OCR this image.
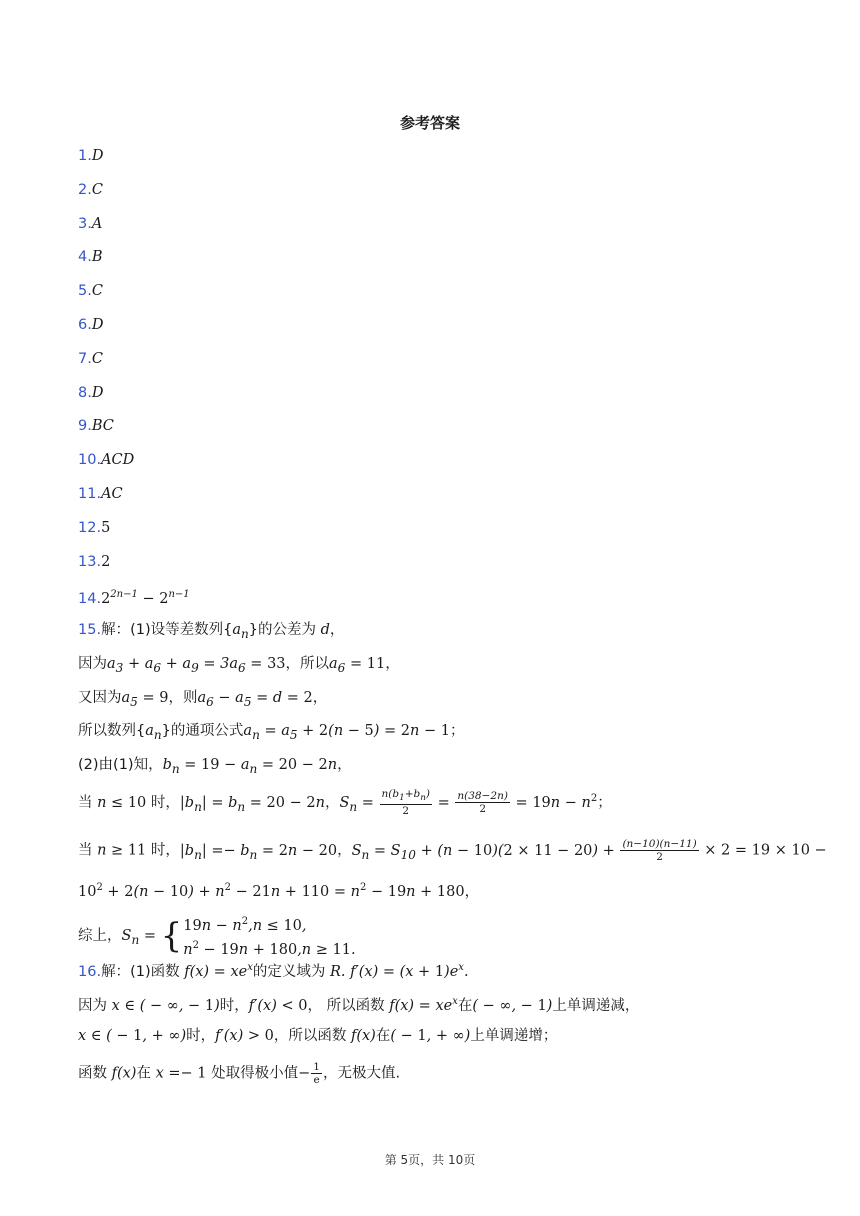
参考答案
1.D
2.C
3.A
4.B
5.C
6.D
7.C
8.D
9.BC
10.ACD
11.AC
12.5
13.2
$14.2^{2n-1} - 2^{n-1}$
15.解：(1)设等差数列$\{a_n\}$的公差为 d，
因为$a_3 + a_6 + a_9 = 3a_6 = 33$，所以$a_6 = 11$，
又因为$a_5 = 9$，则$a_6 - a_5 = d = 2$，
所以数列$\{a_n\}$的通项公式$a_n = a_5 + 2(n - 5) = 2n - 1$；
(2)由(1)知，$b_n = 19 - a_n = 20 - 2n$，
当 n ≤ 10 时，$|b_n| = b_n = 20 - 2n$，$S_n = \frac{n(b_1+b_n)}{2} = \frac{n(38-2n)}{2} = 19n - n^2$；
当 n ≥ 11 时，$|b_n| =- b_n = 2n - 20$，$S_n = S_{10} + (n - 10)(2 \times 11 - 20) + \frac{(n-10)(n-11)}{2} \times 2 = 19 \times 10$ −
$10^2 + 2(n - 10) + n^2 - 21n + 110 = n^2 - 19n + 180$，
综上，$S_n$ = { $19n - n^2,n \le 10$,
$n^2 - 19n + 180,n \ge 11$.
16.解：(1)函数 $f(x) = xe^x$的定义域为 R. $f'(x) = (x + 1)e^x$.
因为 x ∈ ( − ∞, − 1)时，f′(x) < 0， 所以函数 $f(x) = xe^x$在( − ∞, − 1)上单调递减，
x ∈ ( − 1, + ∞)时，f′(x) > 0，所以函数 f(x)在( − 1, + ∞)上单调递增；
函数 f(x)在 x =− 1 处取得极小值− $\frac{1}{e}$ ，无极大值.
第 5页，共 10页
